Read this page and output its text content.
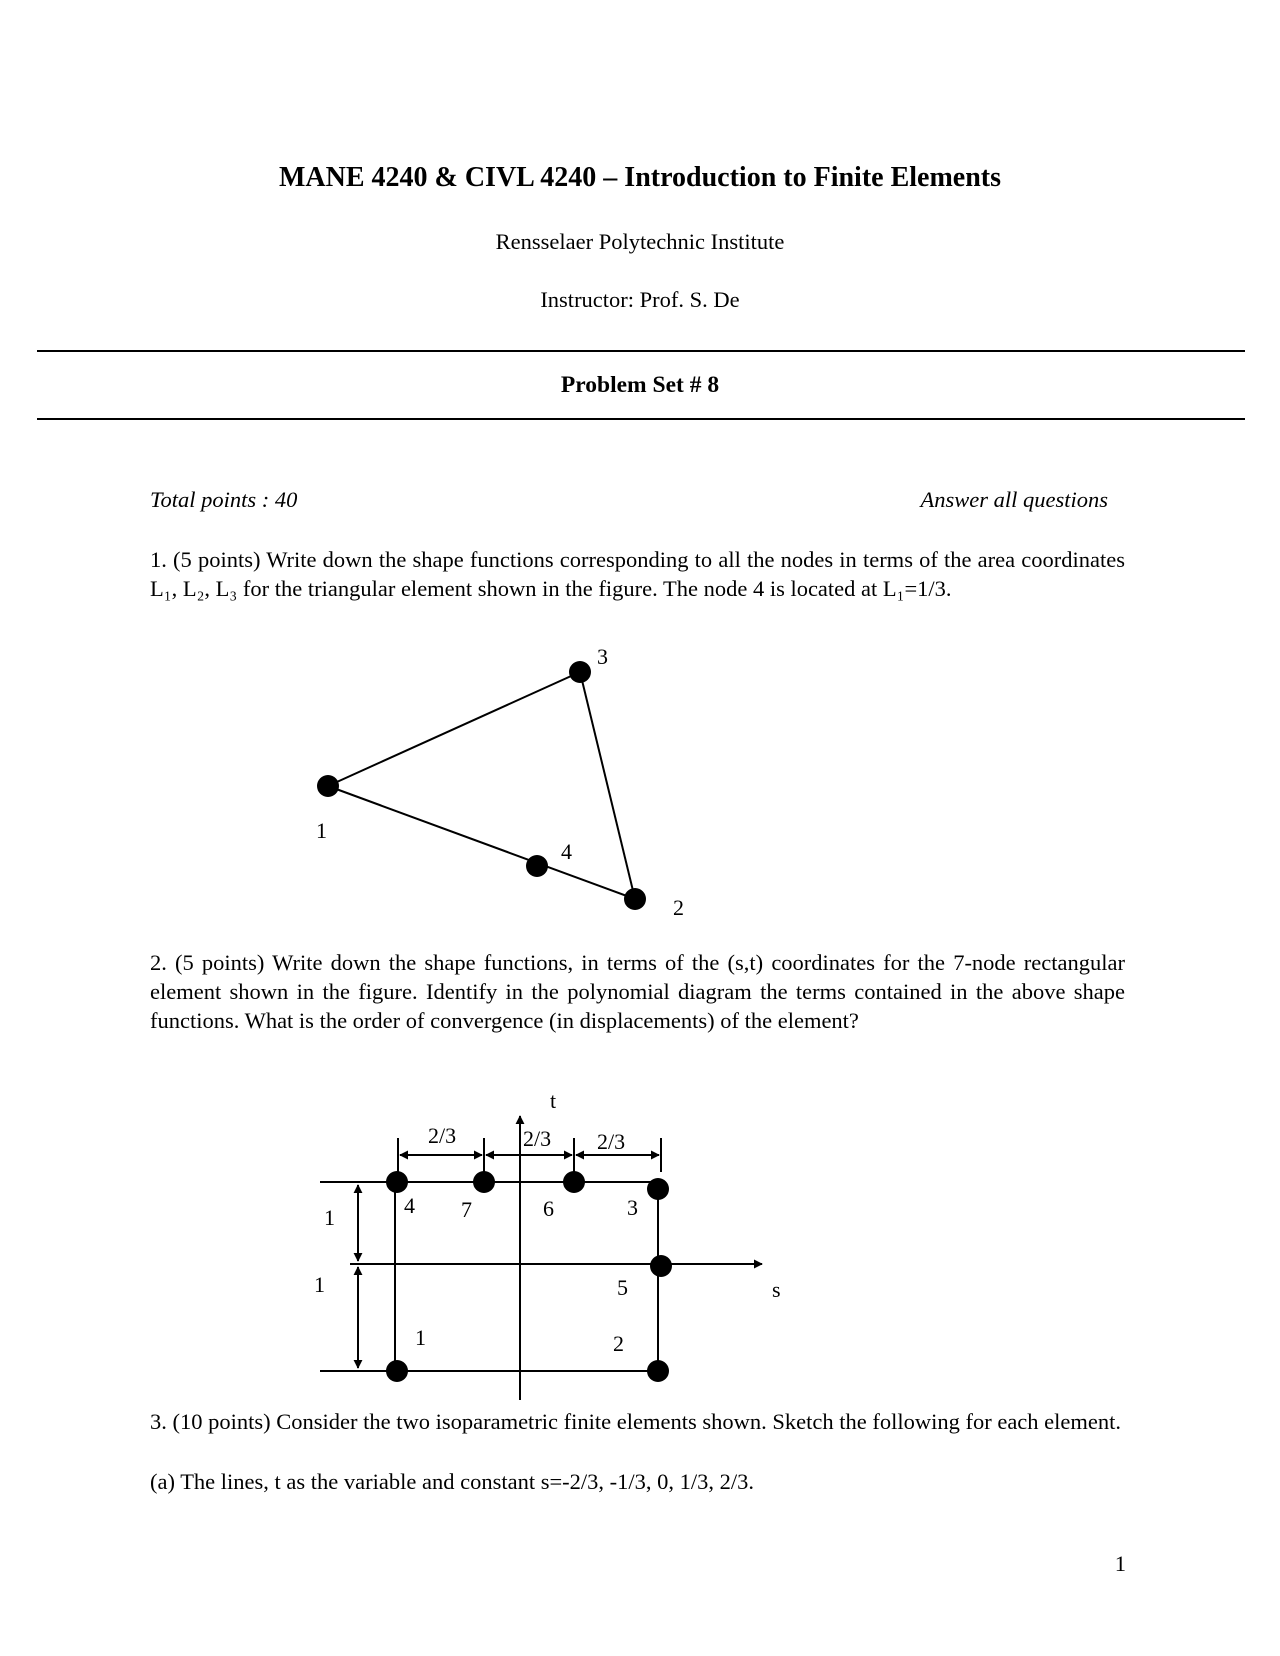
MANE 4240 & CIVL 4240 – Introduction to Finite Elements
Rensselaer Polytechnic Institute
Instructor: Prof. S. De
Problem Set # 8
Total points : 40	Answer all questions
1. (5 points) Write down the shape functions corresponding to all the nodes in terms of the area coordinates L₁, L₂, L₃ for the triangular element shown in the figure. The node 4 is located at L₁=1/3.
1
2
3
4
2. (5 points) Write down the shape functions, in terms of the (s,t) coordinates for the 7-node rectangular element shown in the figure. Identify in the polynomial diagram the terms contained in the above shape functions. What is the order of convergence (in displacements) of the element?
1	2
3
4
5
6
7
s
t
2/3	2/3 2/3
1
1
3. (10 points) Consider the two isoparametric finite elements shown. Sketch the following for each element.
(a) The lines, t as the variable and constant s=-2/3, -1/3, 0, 1/3, 2/3.
1
